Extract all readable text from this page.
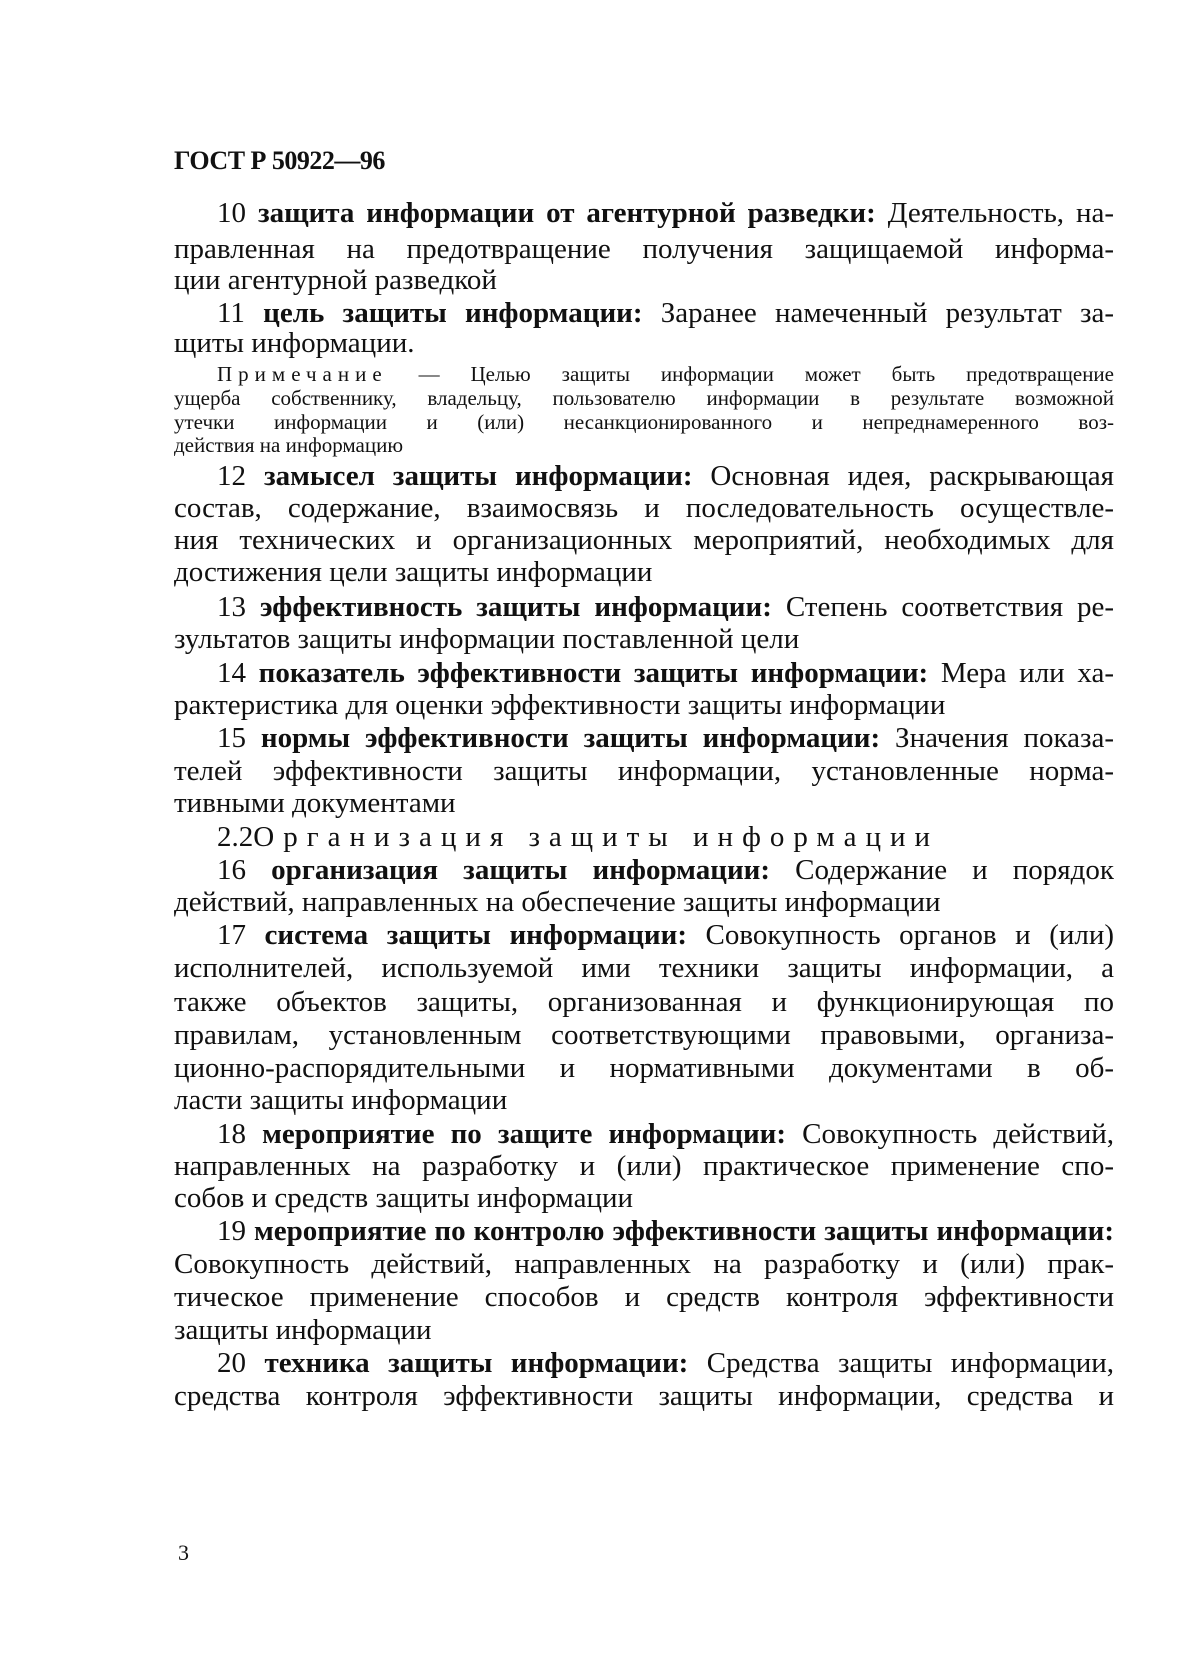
ГОСТ Р 50922—96
10 защита информации от агентурной разведки: Деятельность, на-
правленная на предотвращение получения защищаемой информа-
ции агентурной разведкой
11 цель защиты информации: Заранее намеченный результат за-
щиты информации.
Примечание — Целью защиты информации может быть предотвращение
ущерба собственнику, владельцу, пользователю информации в результате возможной
утечки информации и (или) несанкционированного и непреднамеренного воз-
действия на информацию
12 замысел защиты информации: Основная идея, раскрывающая
состав, содержание, взаимосвязь и последовательность осуществле-
ния технических и организационных мероприятий, необходимых для
достижения цели защиты информации
13 эффективность защиты информации: Степень соответствия ре-
зультатов защиты информации поставленной цели
14 показатель эффективности защиты информации: Мера или ха-
рактеристика для оценки эффективности защиты информации
15 нормы эффективности защиты информации: Значения показа-
телей эффективности защиты информации, установленные норма-
тивными документами
2.2Организация защиты информации
16 организация защиты информации: Содержание и порядок
действий, направленных на обеспечение защиты информации
17 система защиты информации: Совокупность органов и (или)
исполнителей, используемой ими техники защиты информации, а
также объектов защиты, организованная и функционирующая по
правилам, установленным соответствующими правовыми, организа-
ционно-распорядительными и нормативными документами в об-
ласти защиты информации
18 мероприятие по защите информации: Совокупность действий,
направленных на разработку и (или) практическое применение спо-
собов и средств защиты информации
19 мероприятие по контролю эффективности защиты информации:
Совокупность действий, направленных на разработку и (или) прак-
тическое применение способов и средств контроля эффективности
защиты информации
20 техника защиты информации: Средства защиты информации,
средства контроля эффективности защиты информации, средства и
3
